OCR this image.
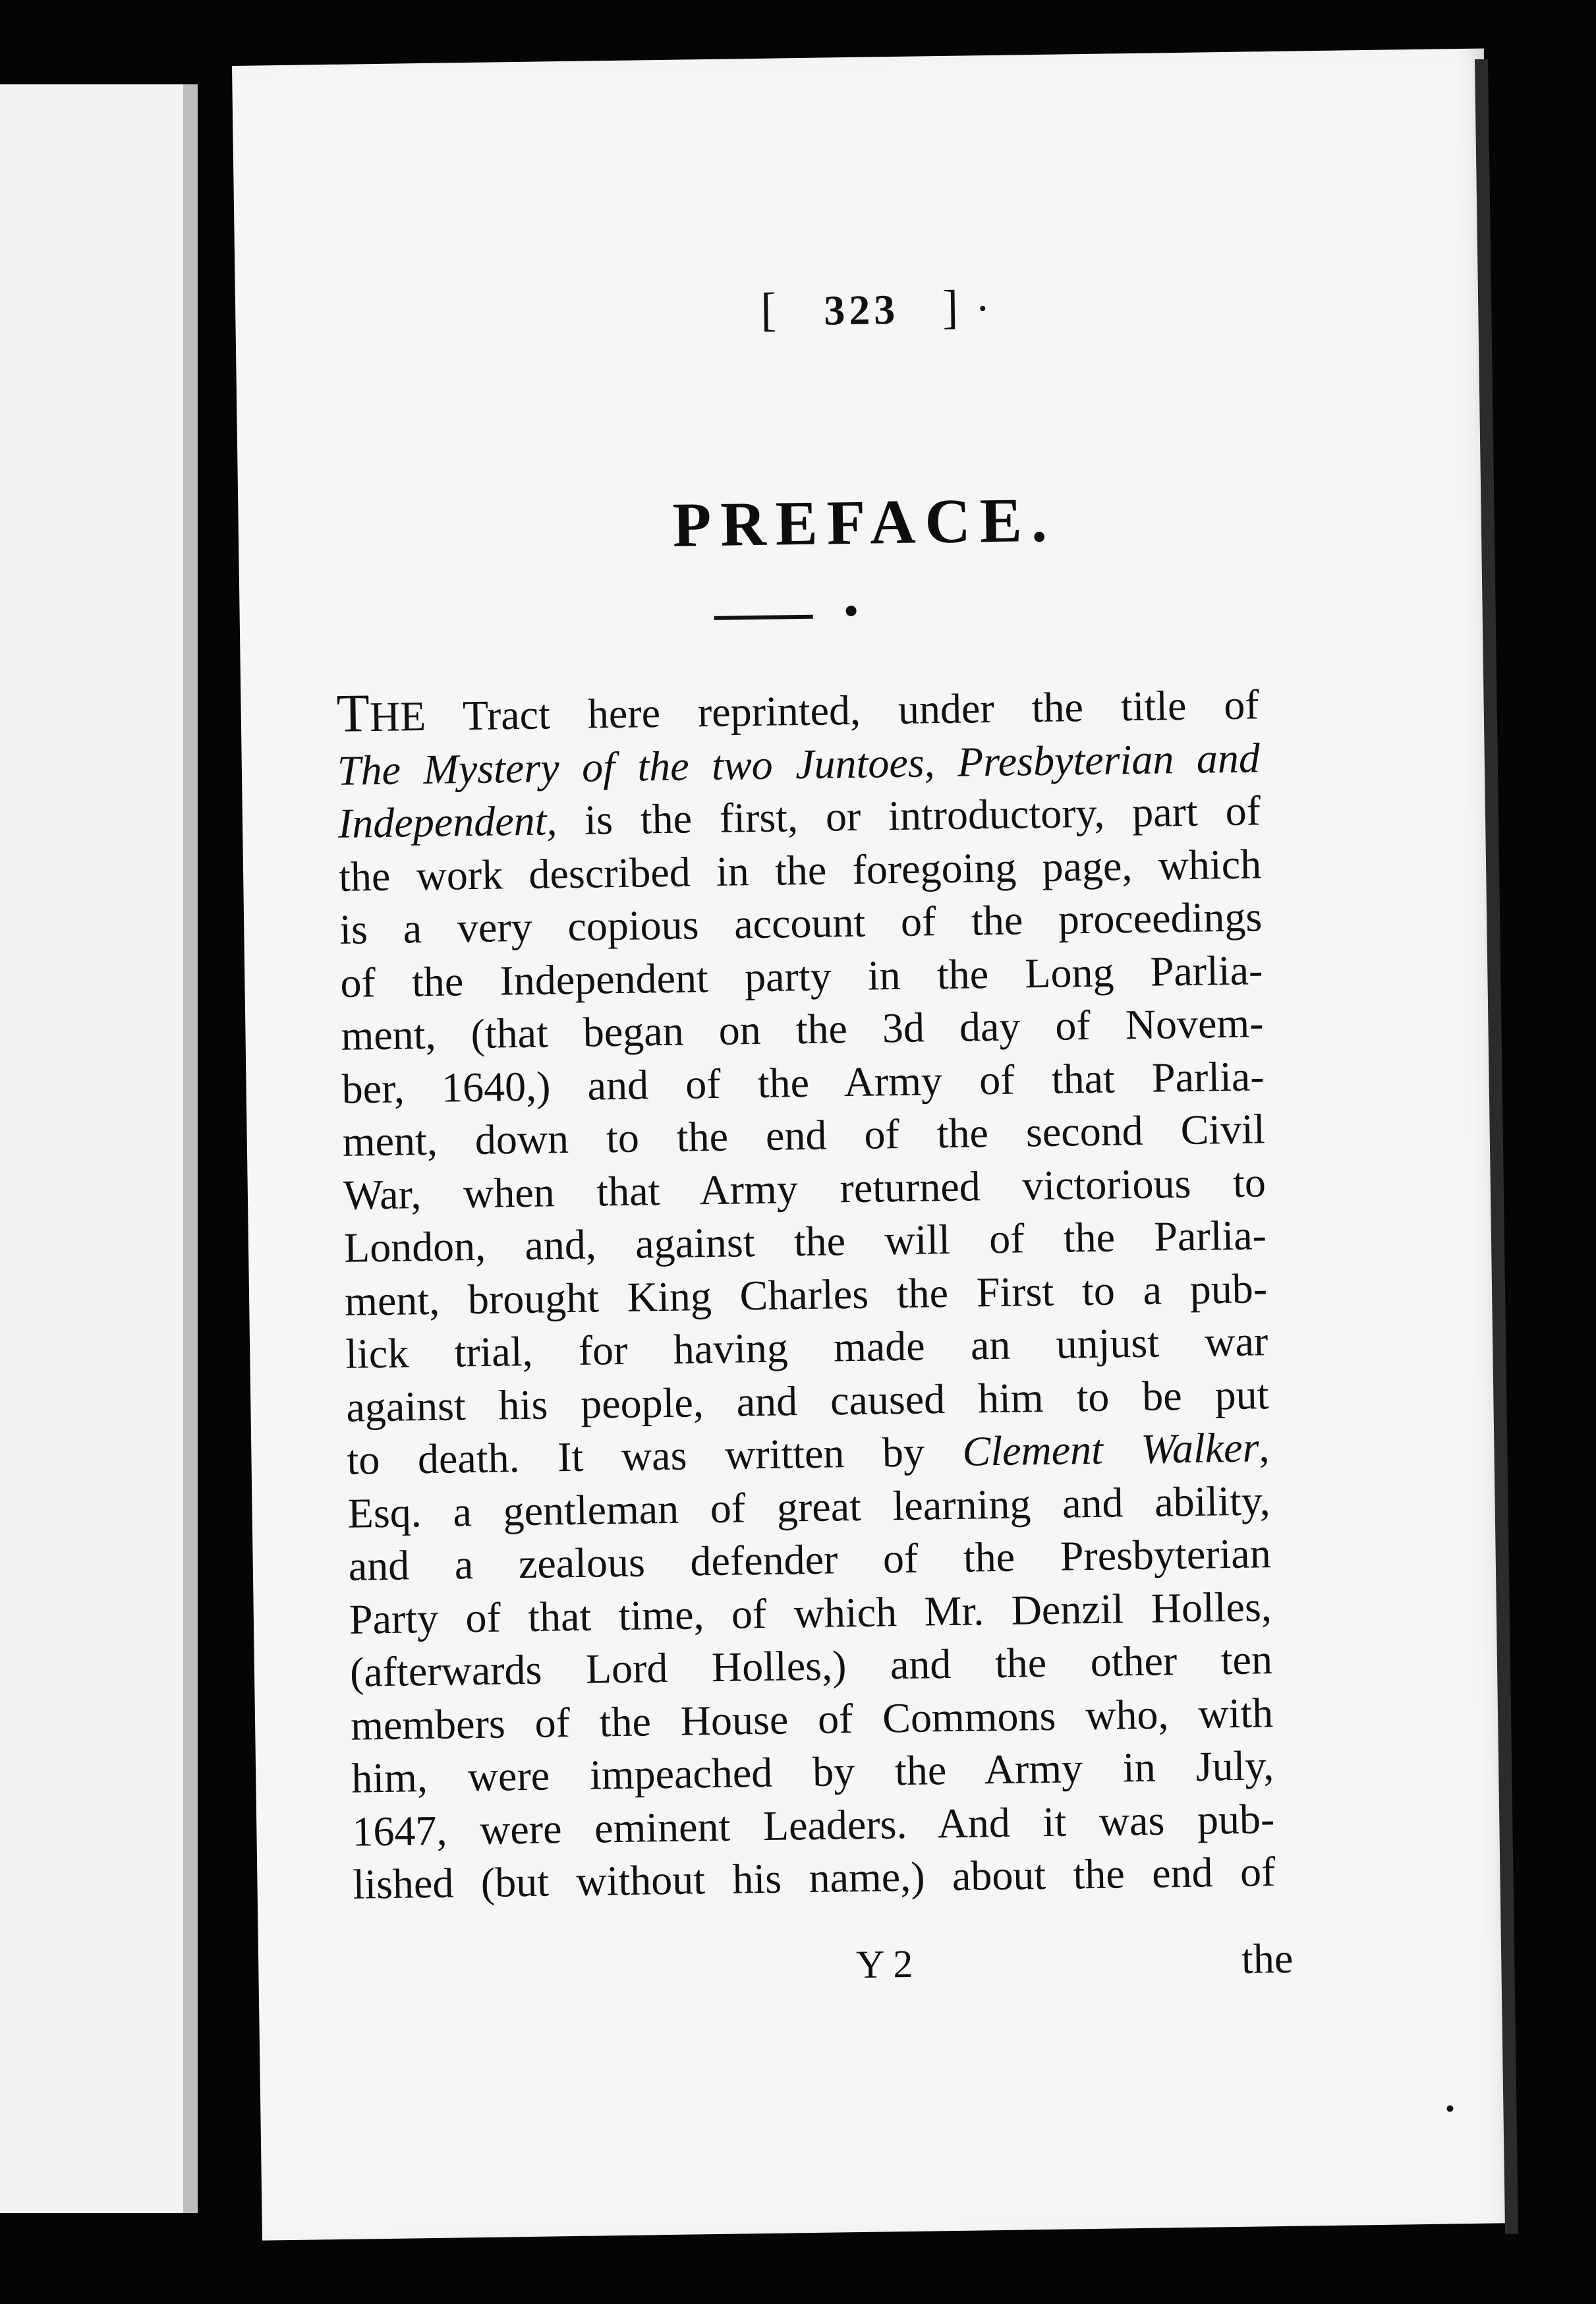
​
[ 323 ]
PREFACE.
THE Tract here reprinted, under the title of
The Mystery of the two Juntoes, Presbyterian and
Independent, is the first, or introductory, part of
the work described in the foregoing page, which
is a very copious account of the proceedings
of the Independent party in the Long Parlia-
ment, (that began on the 3d day of Novem-
ber, 1640,) and of the Army of that Parlia-
ment, down to the end of the second Civil
War, when that Army returned victorious to
London, and, against the will of the Parlia-
ment, brought King Charles the First to a pub-
lick trial, for having made an unjust war
against his people, and caused him to be put
to death. It was written by Clement Walker,
Esq. a gentleman of great learning and ability,
and a zealous defender of the Presbyterian
Party of that time, of which Mr. Denzil Holles,
(afterwards Lord Holles,) and the other ten
members of the House of Commons who, with
him, were impeached by the Army in July,
1647, were eminent Leaders. And it was pub-
lished (but without his name,) about the end of
Y 2	the
